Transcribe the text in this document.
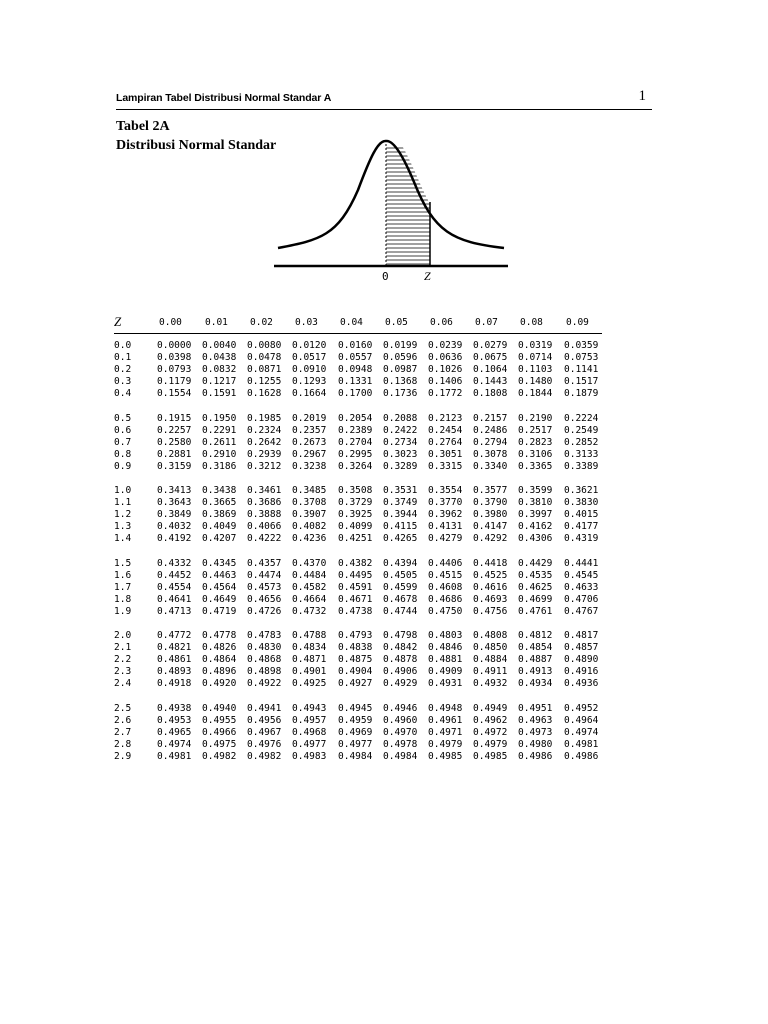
Lampiran Tabel Distribusi Normal Standar A	1
Tabel 2A
Distribusi Normal Standar
0	Z
Z	0.00 0.01 0.02 0.03 0.04 0.05 0.06 0.07 0.08 0.09
0.0	0.0000 0.0040 0.0080 0.0120 0.0160 0.0199 0.0239 0.0279 0.0319 0.0359
0.1	0.0398 0.0438 0.0478 0.0517 0.0557 0.0596 0.0636 0.0675 0.0714 0.0753
0.2	0.0793 0.0832 0.0871 0.0910 0.0948 0.0987 0.1026 0.1064 0.1103 0.1141
0.3	0.1179 0.1217 0.1255 0.1293 0.1331 0.1368 0.1406 0.1443 0.1480 0.1517
0.4	0.1554 0.1591 0.1628 0.1664 0.1700 0.1736 0.1772 0.1808 0.1844 0.1879
0.5	0.1915 0.1950 0.1985 0.2019 0.2054 0.2088 0.2123 0.2157 0.2190 0.2224
0.6	0.2257 0.2291 0.2324 0.2357 0.2389 0.2422 0.2454 0.2486 0.2517 0.2549
0.7	0.2580 0.2611 0.2642 0.2673 0.2704 0.2734 0.2764 0.2794 0.2823 0.2852
0.8	0.2881 0.2910 0.2939 0.2967 0.2995 0.3023 0.3051 0.3078 0.3106 0.3133
0.9	0.3159 0.3186 0.3212 0.3238 0.3264 0.3289 0.3315 0.3340 0.3365 0.3389
1.0	0.3413 0.3438 0.3461 0.3485 0.3508 0.3531 0.3554 0.3577 0.3599 0.3621
1.1	0.3643 0.3665 0.3686 0.3708 0.3729 0.3749 0.3770 0.3790 0.3810 0.3830
1.2	0.3849 0.3869 0.3888 0.3907 0.3925 0.3944 0.3962 0.3980 0.3997 0.4015
1.3	0.4032 0.4049 0.4066 0.4082 0.4099 0.4115 0.4131 0.4147 0.4162 0.4177
1.4	0.4192 0.4207 0.4222 0.4236 0.4251 0.4265 0.4279 0.4292 0.4306 0.4319
1.5	0.4332 0.4345 0.4357 0.4370 0.4382 0.4394 0.4406 0.4418 0.4429 0.4441
1.6	0.4452 0.4463 0.4474 0.4484 0.4495 0.4505 0.4515 0.4525 0.4535 0.4545
1.7	0.4554 0.4564 0.4573 0.4582 0.4591 0.4599 0.4608 0.4616 0.4625 0.4633
1.8	0.4641 0.4649 0.4656 0.4664 0.4671 0.4678 0.4686 0.4693 0.4699 0.4706
1.9	0.4713 0.4719 0.4726 0.4732 0.4738 0.4744 0.4750 0.4756 0.4761 0.4767
2.0	0.4772 0.4778 0.4783 0.4788 0.4793 0.4798 0.4803 0.4808 0.4812 0.4817
2.1	0.4821 0.4826 0.4830 0.4834 0.4838 0.4842 0.4846 0.4850 0.4854 0.4857
2.2	0.4861 0.4864 0.4868 0.4871 0.4875 0.4878 0.4881 0.4884 0.4887 0.4890
2.3	0.4893 0.4896 0.4898 0.4901 0.4904 0.4906 0.4909 0.4911 0.4913 0.4916
2.4	0.4918 0.4920 0.4922 0.4925 0.4927 0.4929 0.4931 0.4932 0.4934 0.4936
2.5	0.4938 0.4940 0.4941 0.4943 0.4945 0.4946 0.4948 0.4949 0.4951 0.4952
2.6	0.4953 0.4955 0.4956 0.4957 0.4959 0.4960 0.4961 0.4962 0.4963 0.4964
2.7	0.4965 0.4966 0.4967 0.4968 0.4969 0.4970 0.4971 0.4972 0.4973 0.4974
2.8	0.4974 0.4975 0.4976 0.4977 0.4977 0.4978 0.4979 0.4979 0.4980 0.4981
2.9	0.4981 0.4982 0.4982 0.4983 0.4984 0.4984 0.4985 0.4985 0.4986 0.4986
